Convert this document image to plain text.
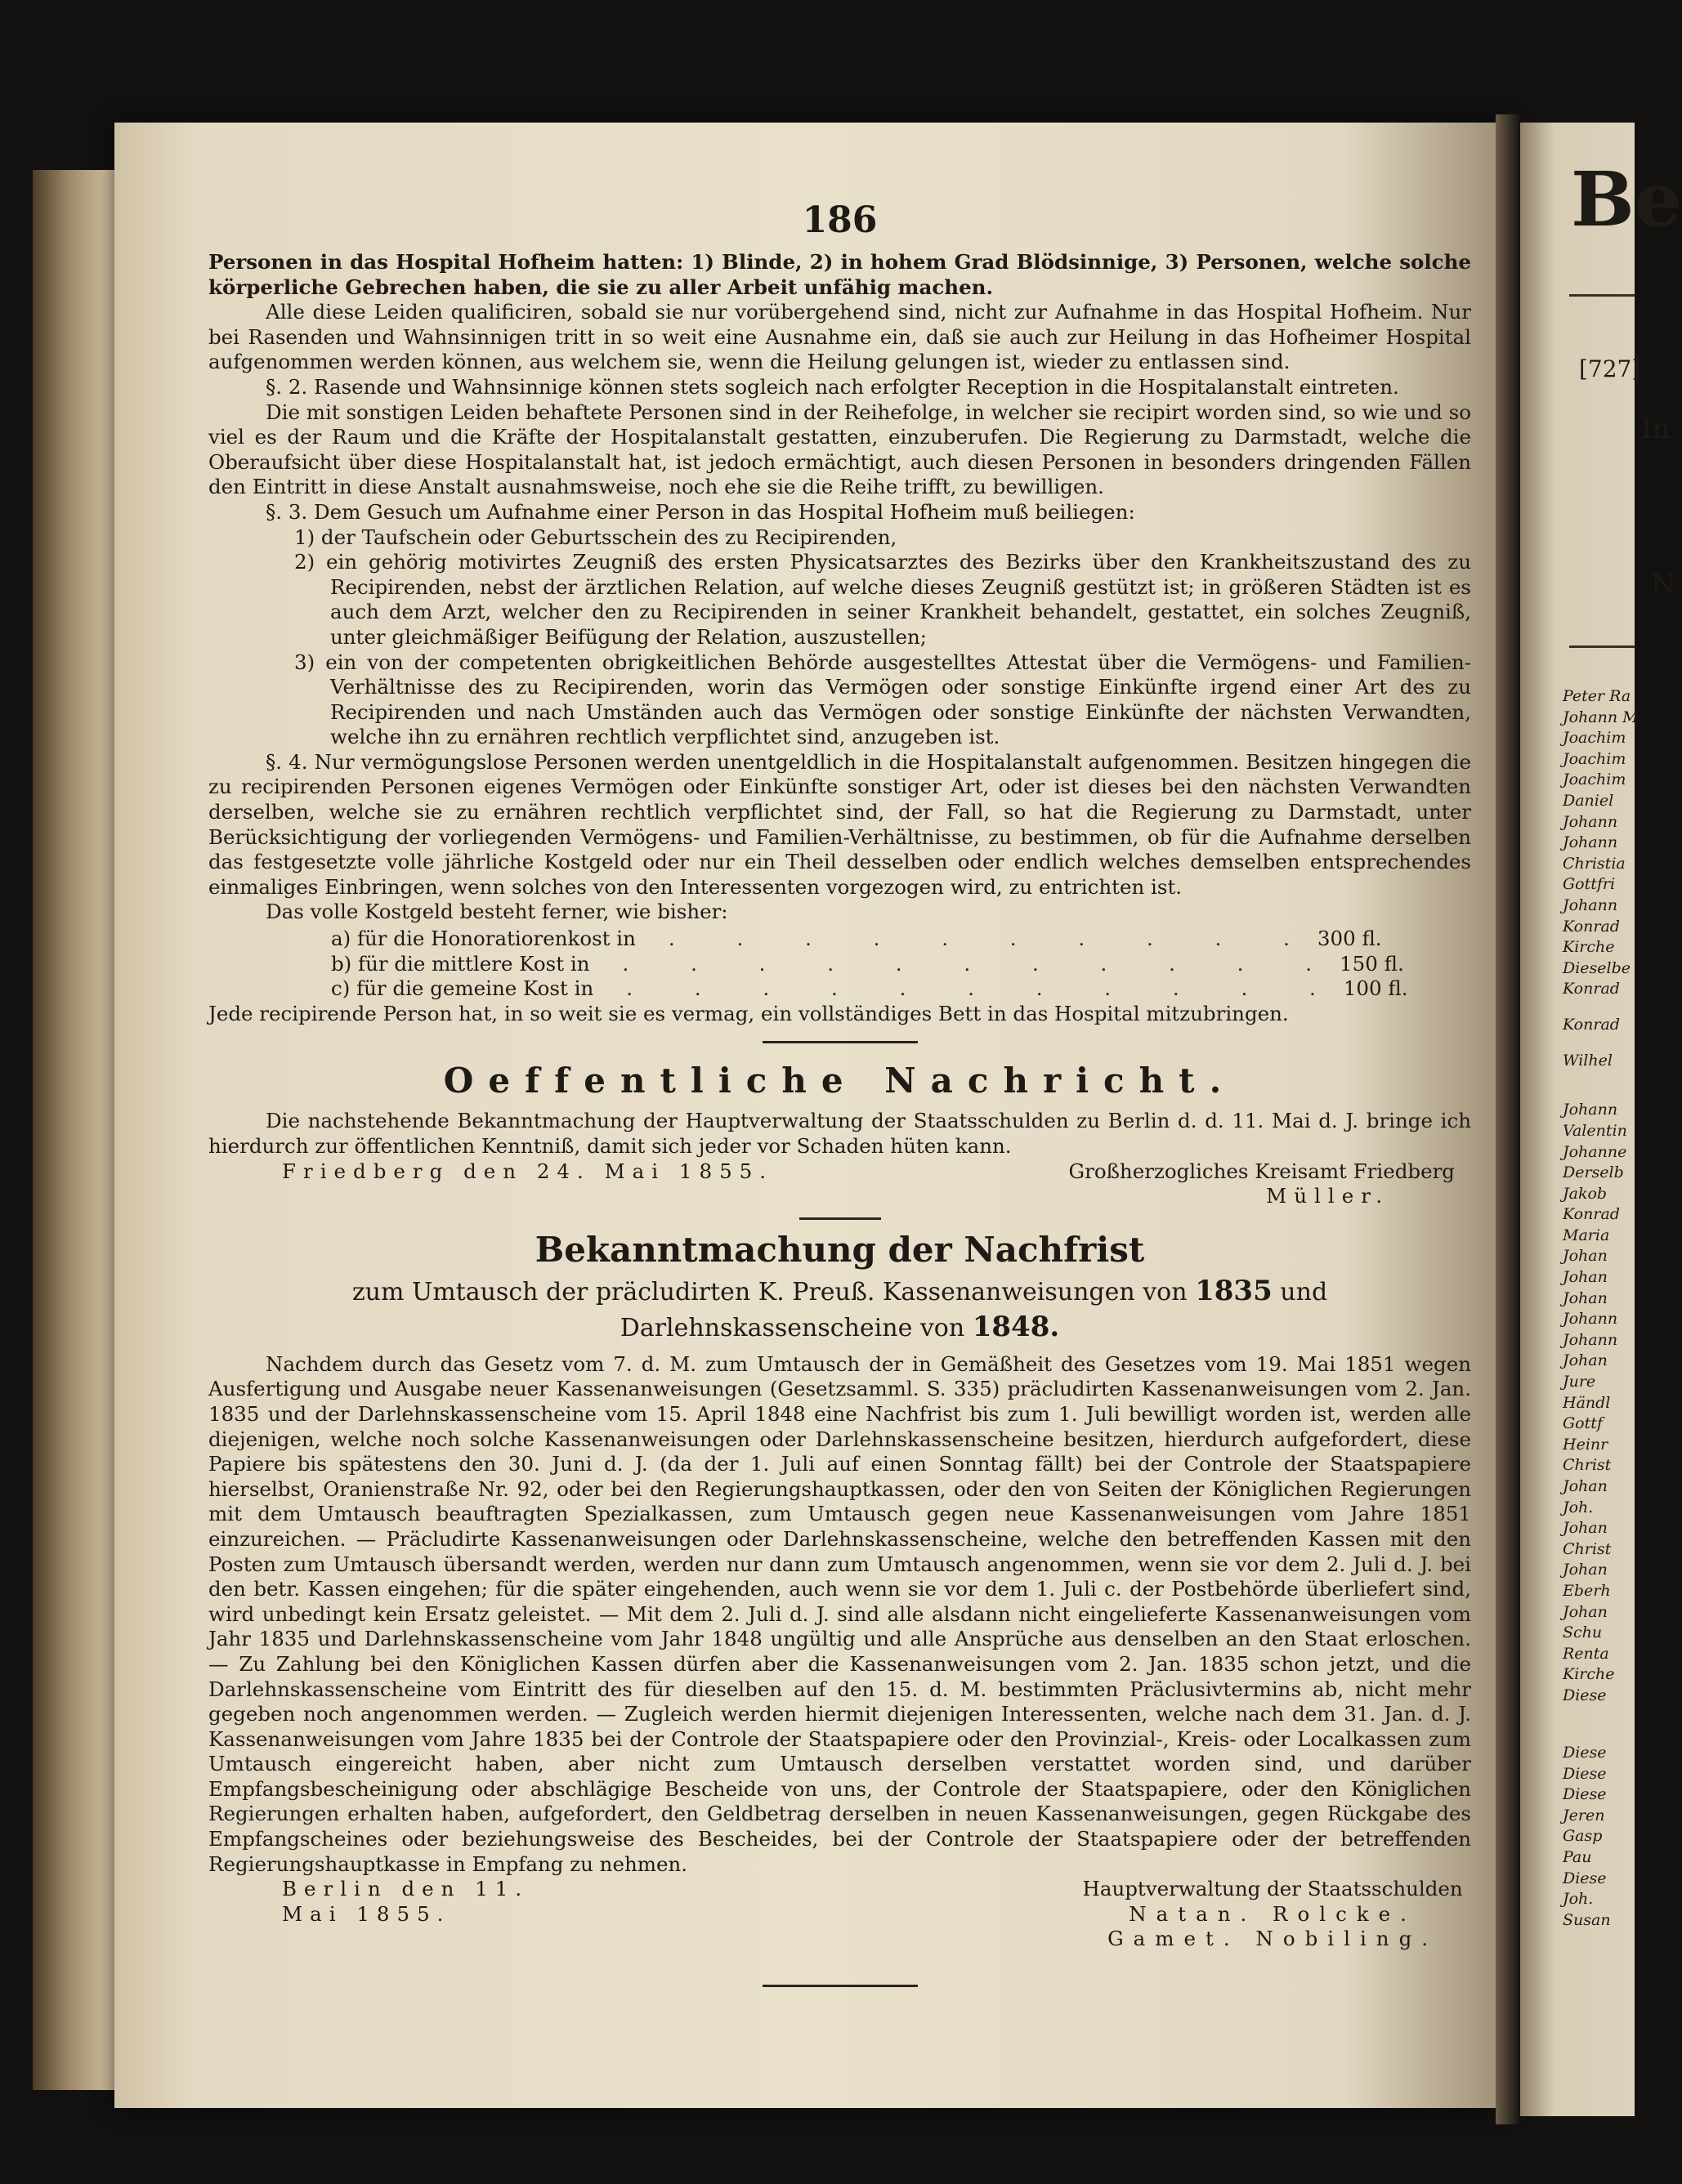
Be
[727]
In
N
Peter Ra
Johann M
Joachim
Joachim
Joachim
Daniel
Johann
Johann
Christia
Gottfri
Johann
Konrad
Kirche
Dieselbe
Konrad
Konrad
Wilhel
Johann
Valentin
Johanne
Derselb
Jakob
Konrad
Maria
Johan
Johan
Johan
Johann
Johann
Johan
Jure
Händl
Gottf
Heinr
Christ
Johan
Joh.
Johan
Christ
Johan
Eberh
Johan
Schu
Renta
Kirche
Diese
Diese
Diese
Diese
Jeren
Gasp
Pau
Diese
Joh.
Susan
186

Personen in das Hospital Hofheim hatten: 1) Blinde, 2) in hohem Grad Blödsinnige, 3) Personen, welche solche körperliche Gebrechen haben, die sie zu aller Arbeit unfähig machen.

Alle diese Leiden qualificiren, sobald sie nur vorübergehend sind, nicht zur Aufnahme in das Hospital Hofheim. Nur bei Rasenden und Wahnsinnigen tritt in so weit eine Ausnahme ein, daß sie auch zur Heilung in das Hofheimer Hospital aufgenommen werden können, aus welchem sie, wenn die Heilung gelungen ist, wieder zu entlassen sind.

§. 2. Rasende und Wahnsinnige können stets sogleich nach erfolgter Reception in die Hospitalanstalt eintreten.

Die mit sonstigen Leiden behaftete Personen sind in der Reihefolge, in welcher sie recipirt worden sind, so wie und so viel es der Raum und die Kräfte der Hospitalanstalt gestatten, einzuberufen. Die Regierung zu Darmstadt, welche die Oberaufsicht über diese Hospitalanstalt hat, ist jedoch ermächtigt, auch diesen Personen in besonders dringenden Fällen den Eintritt in diese Anstalt ausnahmsweise, noch ehe sie die Reihe trifft, zu bewilligen.

§. 3. Dem Gesuch um Aufnahme einer Person in das Hospital Hofheim muß beiliegen:

1) der Taufschein oder Geburtsschein des zu Recipirenden,
2) ein gehörig motivirtes Zeugniß des ersten Physicatsarztes des Bezirks über den Krankheitszustand des zu Recipirenden, nebst der ärztlichen Relation, auf welche dieses Zeugniß gestützt ist; in größeren Städten ist es auch dem Arzt, welcher den zu Recipirenden in seiner Krankheit behandelt, gestattet, ein solches Zeugniß, unter gleichmäßiger Beifügung der Relation, auszustellen;
3) ein von der competenten obrigkeitlichen Behörde ausgestelltes Attestat über die Vermögens- und Familien-Verhältnisse des zu Recipirenden, worin das Vermögen oder sonstige Einkünfte irgend einer Art des zu Recipirenden und nach Umständen auch das Vermögen oder sonstige Einkünfte der nächsten Verwandten, welche ihn zu ernähren rechtlich verpflichtet sind, anzugeben ist.

§. 4. Nur vermögungslose Personen werden unentgeldlich in die Hospitalanstalt aufgenommen. Besitzen hingegen die zu recipirenden Personen eigenes Vermögen oder Einkünfte sonstiger Art, oder ist dieses bei den nächsten Verwandten derselben, welche sie zu ernähren rechtlich verpflichtet sind, der Fall, so hat die Regierung zu Darmstadt, unter Berücksichtigung der vorliegenden Vermögens- und Familien-Verhältnisse, zu bestimmen, ob für die Aufnahme derselben das festgesetzte volle jährliche Kostgeld oder nur ein Theil desselben oder endlich welches demselben entsprechendes einmaliges Einbringen, wenn solches von den Interessenten vorgezogen wird, zu entrichten ist.

Das volle Kostgeld besteht ferner, wie bisher:

a) für die Honoratiorenkost in	. . . . . . . . . . 300 fl.
b) für die mittlere Kost in	. . . . . . . . . . . 150 fl.
c) für die gemeine Kost in	. . . . . . . . . . . 100 fl.

Jede recipirende Person hat, in so weit sie es vermag, ein vollständiges Bett in das Hospital mitzubringen.

Oeffentliche Nachricht.

Die nachstehende Bekanntmachung der Hauptverwaltung der Staatsschulden zu Berlin d. d. 11. Mai d. J. bringe ich hierdurch zur öffentlichen Kenntniß, damit sich jeder vor Schaden hüten kann.

Friedberg den 24. Mai 1855.	Großherzogliches Kreisamt Friedberg
Müller.
Bekanntmachung der Nachfrist
zum Umtausch der präcludirten K. Preuß. Kassenanweisungen von 1835 und Darlehnskassenscheine von 1848.

Nachdem durch das Gesetz vom 7. d. M. zum Umtausch der in Gemäßheit des Gesetzes vom 19. Mai 1851 wegen Ausfertigung und Ausgabe neuer Kassenanweisungen (Gesetzsamml. S. 335) präcludirten Kassenanweisungen vom 2. Jan. 1835 und der Darlehnskassenscheine vom 15. April 1848 eine Nachfrist bis zum 1. Juli bewilligt worden ist, werden alle diejenigen, welche noch solche Kassenanweisungen oder Darlehnskassenscheine besitzen, hierdurch aufgefordert, diese Papiere bis spätestens den 30. Juni d. J. (da der 1. Juli auf einen Sonntag fällt) bei der Controle der Staatspapiere hierselbst, Oranienstraße Nr. 92, oder bei den Regierungshauptkassen, oder den von Seiten der Königlichen Regierungen mit dem Umtausch beauftragten Spezialkassen, zum Umtausch gegen neue Kassenanweisungen vom Jahre 1851 einzureichen. — Präcludirte Kassenanweisungen oder Darlehnskassenscheine, welche den betreffenden Kassen mit den Posten zum Umtausch übersandt werden, werden nur dann zum Umtausch angenommen, wenn sie vor dem 2. Juli d. J. bei den betr. Kassen eingehen; für die später eingehenden, auch wenn sie vor dem 1. Juli c. der Postbehörde überliefert sind, wird unbedingt kein Ersatz geleistet. — Mit dem 2. Juli d. J. sind alle alsdann nicht eingelieferte Kassenanweisungen vom Jahr 1835 und Darlehnskassenscheine vom Jahr 1848 ungültig und alle Ansprüche aus denselben an den Staat erloschen. — Zu Zahlung bei den Königlichen Kassen dürfen aber die Kassenanweisungen vom 2. Jan. 1835 schon jetzt, und die Darlehnskassenscheine vom Eintritt des für dieselben auf den 15. d. M. bestimmten Präclusivtermins ab, nicht mehr gegeben noch angenommen werden. — Zugleich werden hiermit diejenigen Interessenten, welche nach dem 31. Jan. d. J. Kassenanweisungen vom Jahre 1835 bei der Controle der Staatspapiere oder den Provinzial-, Kreis- oder Localkassen zum Umtausch eingereicht haben, aber nicht zum Umtausch derselben verstattet worden sind, und darüber Empfangsbescheinigung oder abschlägige Bescheide von uns, der Controle der Staatspapiere, oder den Königlichen Regierungen erhalten haben, aufgefordert, den Geldbetrag derselben in neuen Kassenanweisungen, gegen Rückgabe des Empfangscheines oder beziehungsweise des Bescheides, bei der Controle der Staatspapiere oder der betreffenden Regierungshauptkasse in Empfang zu nehmen.

Berlin den 11. Mai 1855.
Hauptverwaltung der Staatsschulden
Natan. Rolcke. Gamet. Nobiling.
